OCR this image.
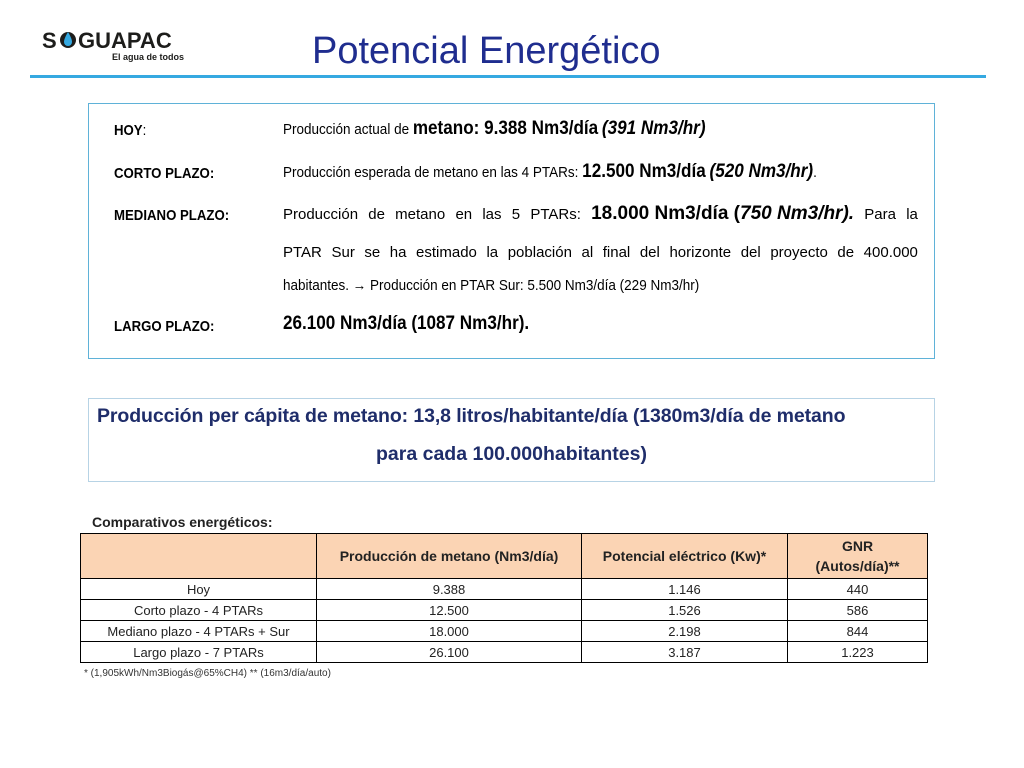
S GUAPAC
El agua de todos	Potencial Energético
HOY:	Producción actual de metano: 9.388 Nm3/día (391 Nm3/hr)
CORTO PLAZO:	Producción esperada de metano en las 4 PTARs: 12.500 Nm3/día (520 Nm3/hr).
MEDIANO PLAZO:	Producción de metano en las 5 PTARs: 18.000 Nm3/día (750 Nm3/hr). Para la
PTAR Sur se ha estimado la población al final del horizonte del proyecto de 400.000
habitantes. → Producción en PTAR Sur: 5.500 Nm3/día (229 Nm3/hr)
LARGO PLAZO:	26.100 Nm3/día (1087 Nm3/hr).
Producción per cápita de metano: 13,8 litros/habitante/día (1380m3/día de metano
para cada 100.000habitantes)
Comparativos energéticos:
	Producción de metano (Nm3/día)	Potencial eléctrico (Kw)*	GNR
(Autos/día)**
Hoy	9.388	1.146	440
Corto plazo - 4 PTARs	12.500	1.526	586
Mediano plazo - 4 PTARs + Sur	18.000	2.198	844
Largo plazo - 7 PTARs	26.100	3.187	1.223
* (1,905kWh/Nm3Biogás@65%CH4) ** (16m3/día/auto)
